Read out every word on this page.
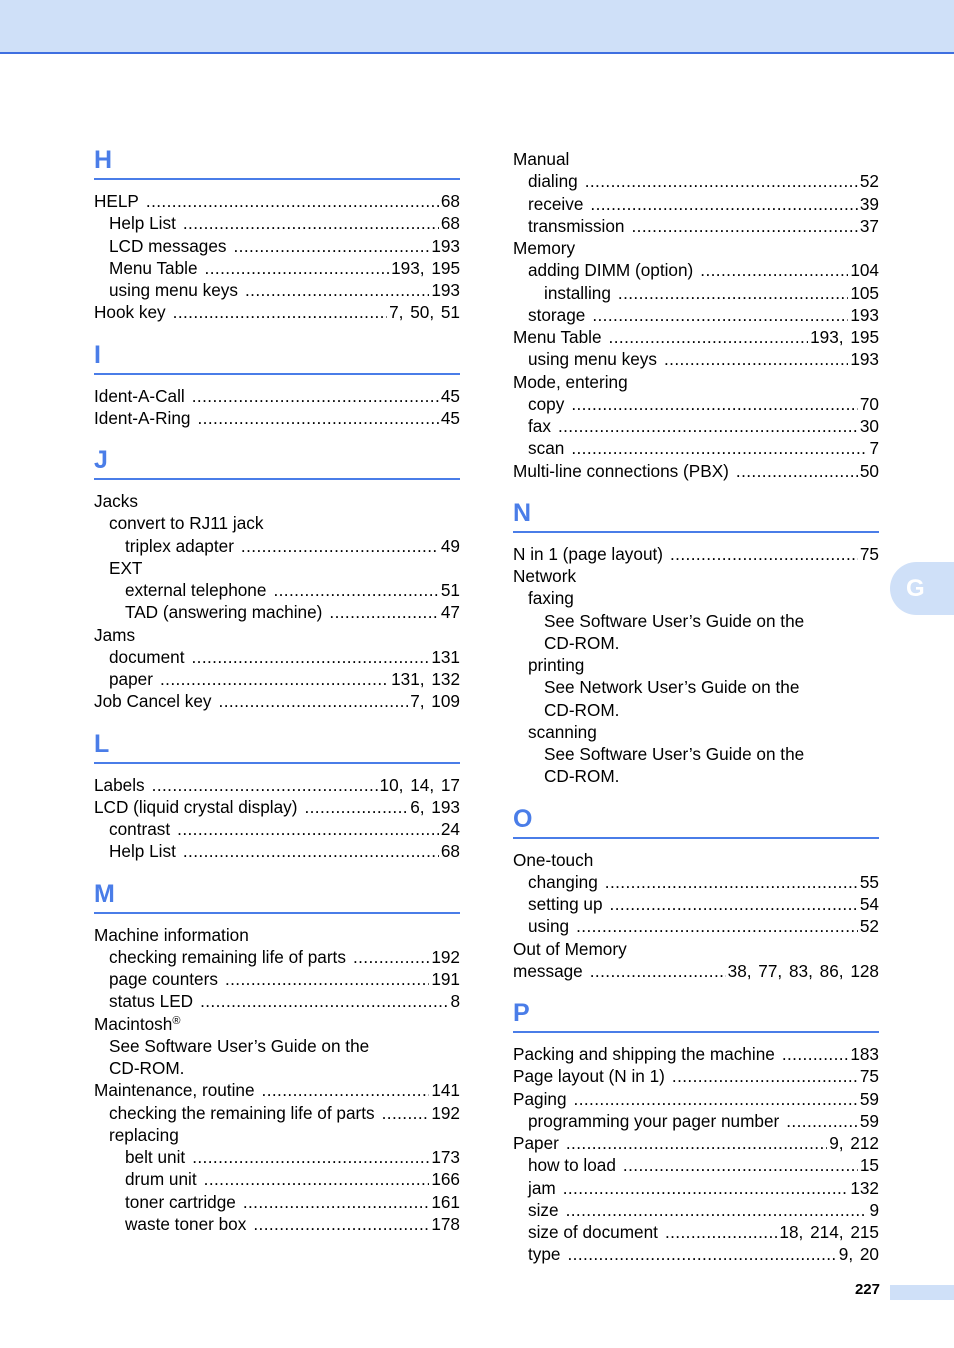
H
HELP .....	68
Help List .....	68
LCD messages .....	193
Menu Table .....	193, 195
using menu keys .....	193
Hook key .....	7, 50, 51
I
Ident-A-Call .....	45
Ident-A-Ring .....	45
J
Jacks
convert to RJ11 jack
triplex adapter .....	49
EXT
external telephone .....	51
TAD (answering machine) .....	47
Jams
document .....	131
paper .....	131, 132
Job Cancel key .....	7, 109
L
Labels .....	10, 14, 17
LCD (liquid crystal display) .....	6, 193
contrast .....	24
Help List .....	68
M
Machine information
checking remaining life of parts .....	192
page counters .....	191
status LED .....	8
Macintosh®
See Software User’s Guide on the
CD-ROM.
Maintenance, routine .....	141
checking the remaining life of parts .....	192
replacing
belt unit .....	173
drum unit .....	166
toner cartridge .....	161
waste toner box .....	178
Manual
dialing .....	52
receive .....	39
transmission .....	37
Memory
adding DIMM (option) .....	104
installing .....	105
storage .....	193
Menu Table .....	193, 195
using menu keys .....	193
Mode, entering
copy .....	70
fax .....	30
scan .....	7
Multi-line connections (PBX) .....	50
N
N in 1 (page layout) .....	75
Network
faxing
See Software User’s Guide on the
CD-ROM.
printing
See Network User’s Guide on the
CD-ROM.
scanning
See Software User’s Guide on the
CD-ROM.
O
One-touch
changing .....	55
setting up .....	54
using .....	52
Out of Memory
message .....	38, 77, 83, 86, 128
P
Packing and shipping the machine .....	183
Page layout (N in 1) .....	75
Paging .....	59
programming your pager number .....	59
Paper .....	9, 212
how to load .....	15
jam .....	132
size .....	9
size of document .....	18, 214, 215
type .....	9, 20
G
227
